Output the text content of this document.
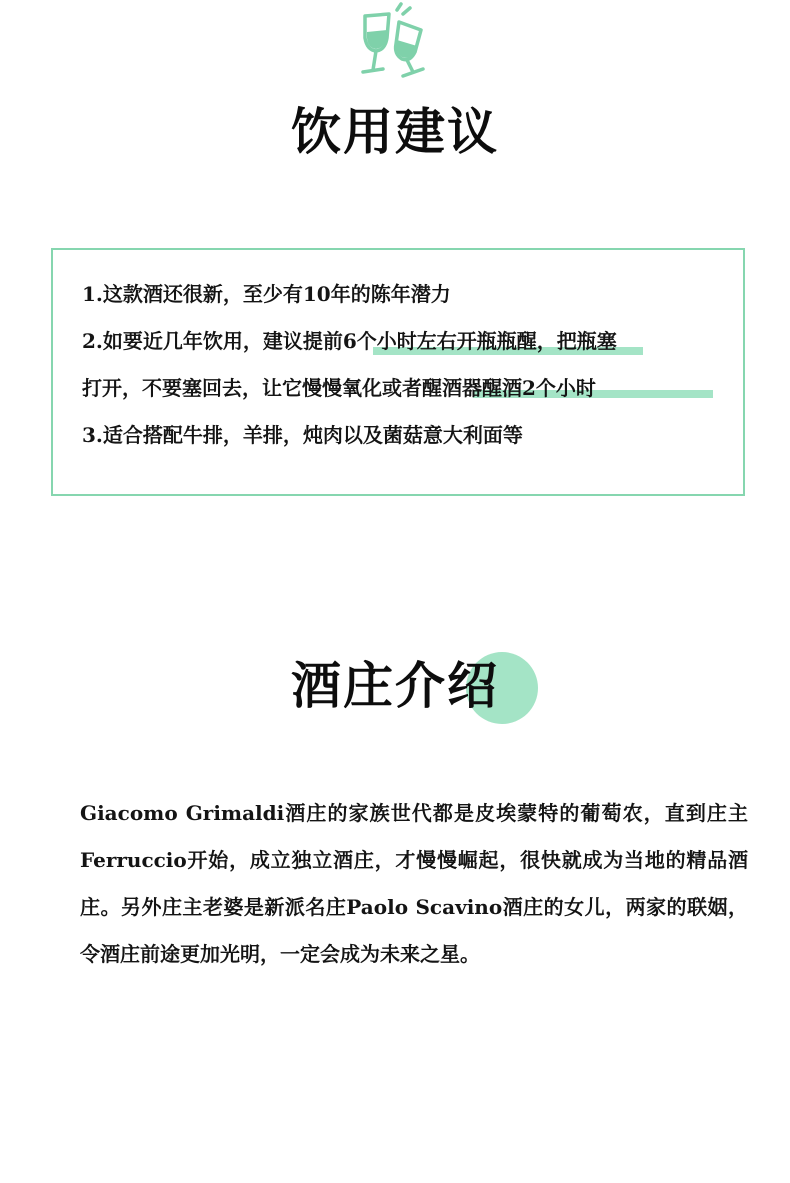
饮用建议
1.这款酒还很新，至少有10年的陈年潜力
2.如要近几年饮用，建议提前6个小时左右开瓶瓶醒，把瓶塞
打开，不要塞回去，让它慢慢氧化或者醒酒器醒酒2个小时
3.适合搭配牛排，羊排，炖肉以及菌菇意大利面等
酒庄介绍

Giacomo Grimaldi酒庄的家族世代都是皮埃蒙特的葡萄农，直到庄主Ferruccio开始，成立独立酒庄，才慢慢崛起，很快就成为当地的精品酒庄。另外庄主老婆是新派名庄Paolo Scavino酒庄的女儿，两家的联姻，令酒庄前途更加光明，一定会成为未来之星。
